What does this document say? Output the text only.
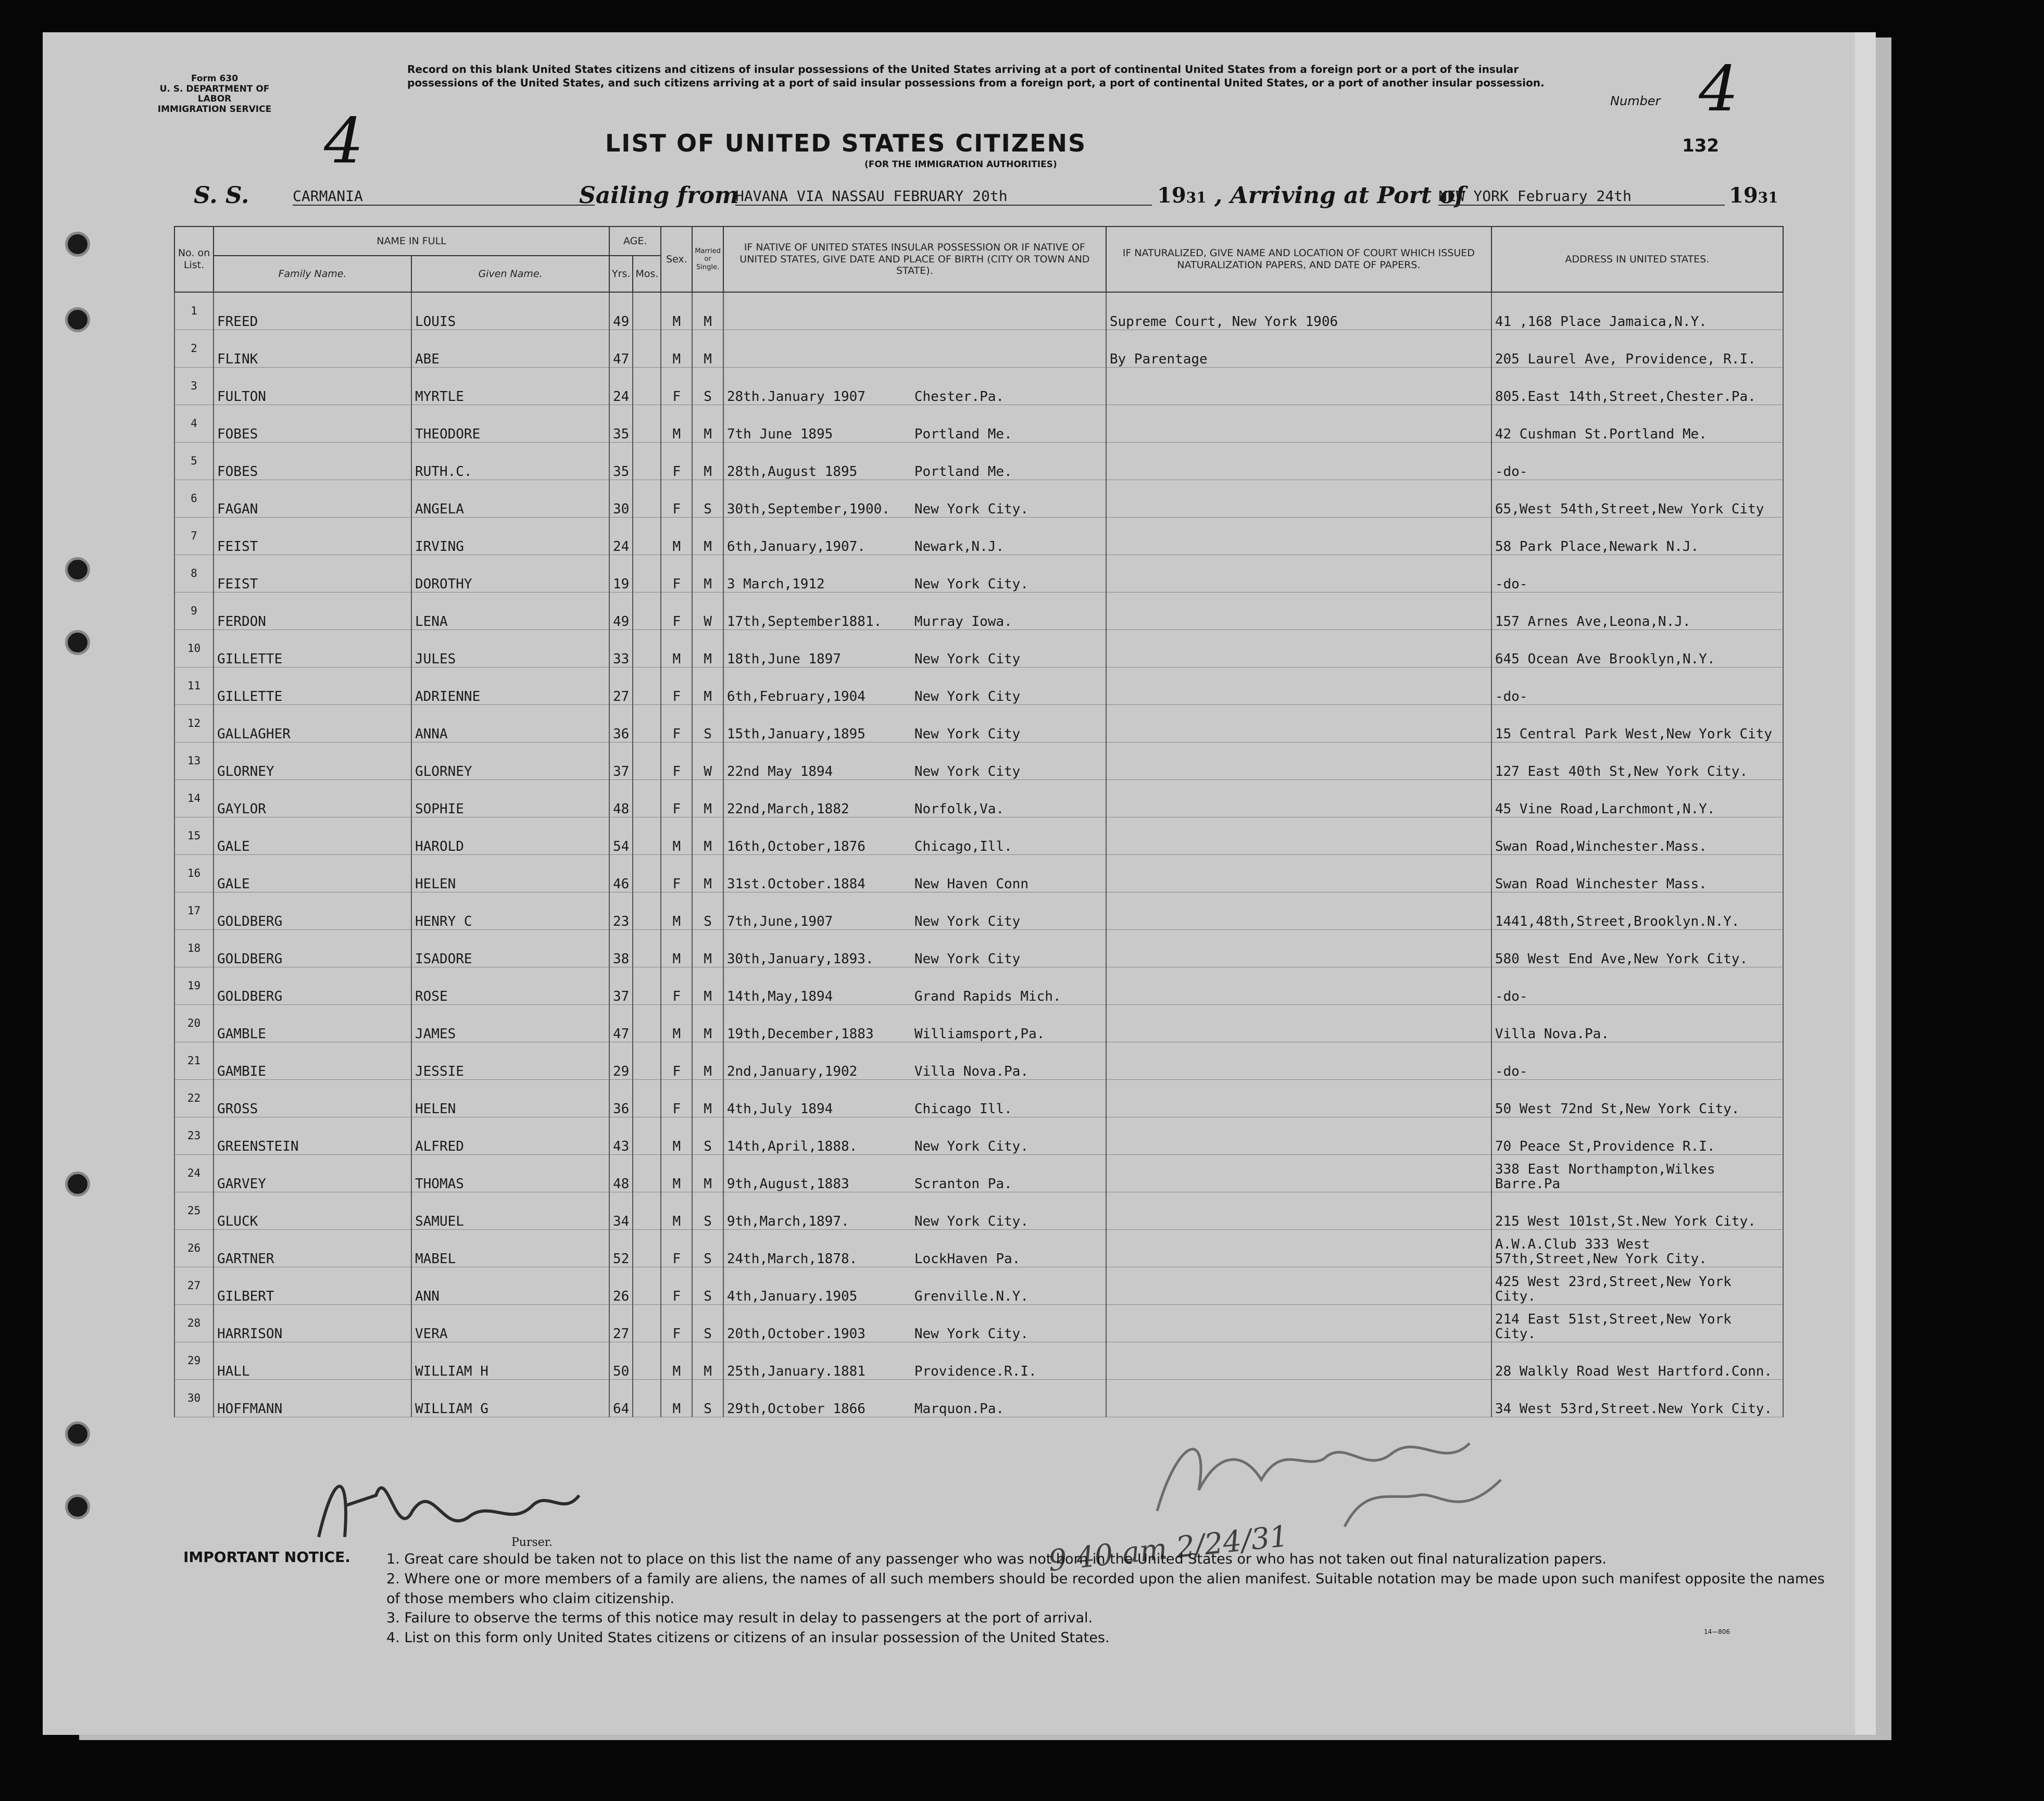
Form 630
U. S. DEPARTMENT OF LABOR
IMMIGRATION SERVICE
Record on this blank United States citizens and citizens of insular possessions of the United States arriving at a port of continental United States from a foreign port or a port of the insular possessions of the United States, and such citizens arriving at a port of said insular possessions from a foreign port, a port of continental United States, or a port of another insular possession.
Number 4
132
4	LIST OF UNITED STATES CITIZENS
(FOR THE IMMIGRATION AUTHORITIES)
S. S.	CARMANIA	Sailing from
HAVANA VIA NASSAU FEBRUARY 20th	1931 , Arriving at Port of
NEW YORK February 24th	1931
No. on List.	NAME IN FULL		AGE.		Sex.	Married or Single.	IF NATIVE OF UNITED STATES INSULAR POSSESSION OR IF NATIVE OF UNITED STATES, GIVE DATE AND PLACE OF BIRTH (CITY OR TOWN AND STATE).	IF NATURALIZED, GIVE NAME AND LOCATION OF COURT WHICH ISSUED NATURALIZATION PAPERS, AND DATE OF PAPERS.	ADDRESS IN UNITED STATES.
	Family Name.	Given Name.	Yrs.	Mos.					
1	FREED	LOUIS	49		M	M		Supreme Court, New York 1906	41 ,168 Place Jamaica,N.Y.
2	FLINK	ABE	47		M	M		By Parentage	205 Laurel Ave, Providence, R.I.
3	FULTON	MYRTLE	24		F	S	28th.January 1907 Chester.Pa.		805.East 14th,Street,Chester.Pa.
4	FOBES	THEODORE	35		M	M	7th June 1895 Portland Me.		42 Cushman St.Portland Me.
5	FOBES	RUTH.C.	35		F	M	28th,August 1895 Portland Me.		-do-
6	FAGAN	ANGELA	30		F	S	30th,September,1900. New York City.		65,West 54th,Street,New York City
7	FEIST	IRVING	24		M	M	6th,January,1907. Newark,N.J.		58 Park Place,Newark N.J.
8	FEIST	DOROTHY	19		F	M	3 March,1912 New York City.		-do-
9	FERDON	LENA	49		F	W	17th,September1881. Murray Iowa.		157 Arnes Ave,Leona,N.J.
10	GILLETTE	JULES	33		M	M	18th,June 1897 New York City		645 Ocean Ave Brooklyn,N.Y.
11	GILLETTE	ADRIENNE	27		F	M	6th,February,1904 New York City		-do-
12	GALLAGHER	ANNA	36		F	S	15th,January,1895 New York City		15 Central Park West,New York City
13	GLORNEY	GLORNEY	37		F	W	22nd May 1894 New York City		127 East 40th St,New York City.
14	GAYLOR	SOPHIE	48		F	M	22nd,March,1882 Norfolk,Va.		45 Vine Road,Larchmont,N.Y.
15	GALE	HAROLD	54		M	M	16th,October,1876 Chicago,Ill.		Swan Road,Winchester.Mass.
16	GALE	HELEN	46		F	M	31st.October.1884 New Haven Conn		Swan Road Winchester Mass.
17	GOLDBERG	HENRY C	23		M	S	7th,June,1907 New York City		1441,48th,Street,Brooklyn.N.Y.
18	GOLDBERG	ISADORE	38		M	M	30th,January,1893. New York City		580 West End Ave,New York City.
19	GOLDBERG	ROSE	37		F	M	14th,May,1894 Grand Rapids Mich.		-do-
20	GAMBLE	JAMES	47		M	M	19th,December,1883 Williamsport,Pa.		Villa Nova.Pa.
21	GAMBIE	JESSIE	29		F	M	2nd,January,1902 Villa Nova.Pa.		-do-
22	GROSS	HELEN	36		F	M	4th,July 1894 Chicago Ill.		50 West 72nd St,New York City.
23	GREENSTEIN	ALFRED	43		M	S	14th,April,1888. New York City.		70 Peace St,Providence R.I.
24	GARVEY	THOMAS	48		M	M	9th,August,1883 Scranton Pa.		338 East Northampton,Wilkes Barre.Pa
25	GLUCK	SAMUEL	34		M	S	9th,March,1897. New York City.		215 West 101st,St.New York City.
26	GARTNER	MABEL	52		F	S	24th,March,1878. LockHaven Pa.		A.W.A.Club 333 West 57th,Street,New York City.
27	GILBERT	ANN	26		F	S	4th,January.1905 Grenville.N.Y.		425 West 23rd,Street,New York City.
28	HARRISON	VERA	27		F	S	20th,October.1903 New York City.		214 East 51st,Street,New York City.
29	HALL	WILLIAM H	50		M	M	25th,January.1881 Providence.R.I.		28 Walkly Road West Hartford.Conn.
30	HOFFMANN	WILLIAM G	64		M	S	29th,October 1866 Marquon.Pa.		34 West 53rd,Street.New York City.
Purser.	9 40 am 2/24/31
IMPORTANT NOTICE.	1. Great care should be taken not to place on this list the name of any passenger who was not born in the United States or who has not taken out final naturalization papers.
2. Where one or more members of a family are aliens, the names of all such members should be recorded upon the alien manifest. Suitable notation may be made upon such manifest opposite the names of those members who claim citizenship.
3. Failure to observe the terms of this notice may result in delay to passengers at the port of arrival.
4. List on this form only United States citizens or citizens of an insular possession of the United States.	14—806
